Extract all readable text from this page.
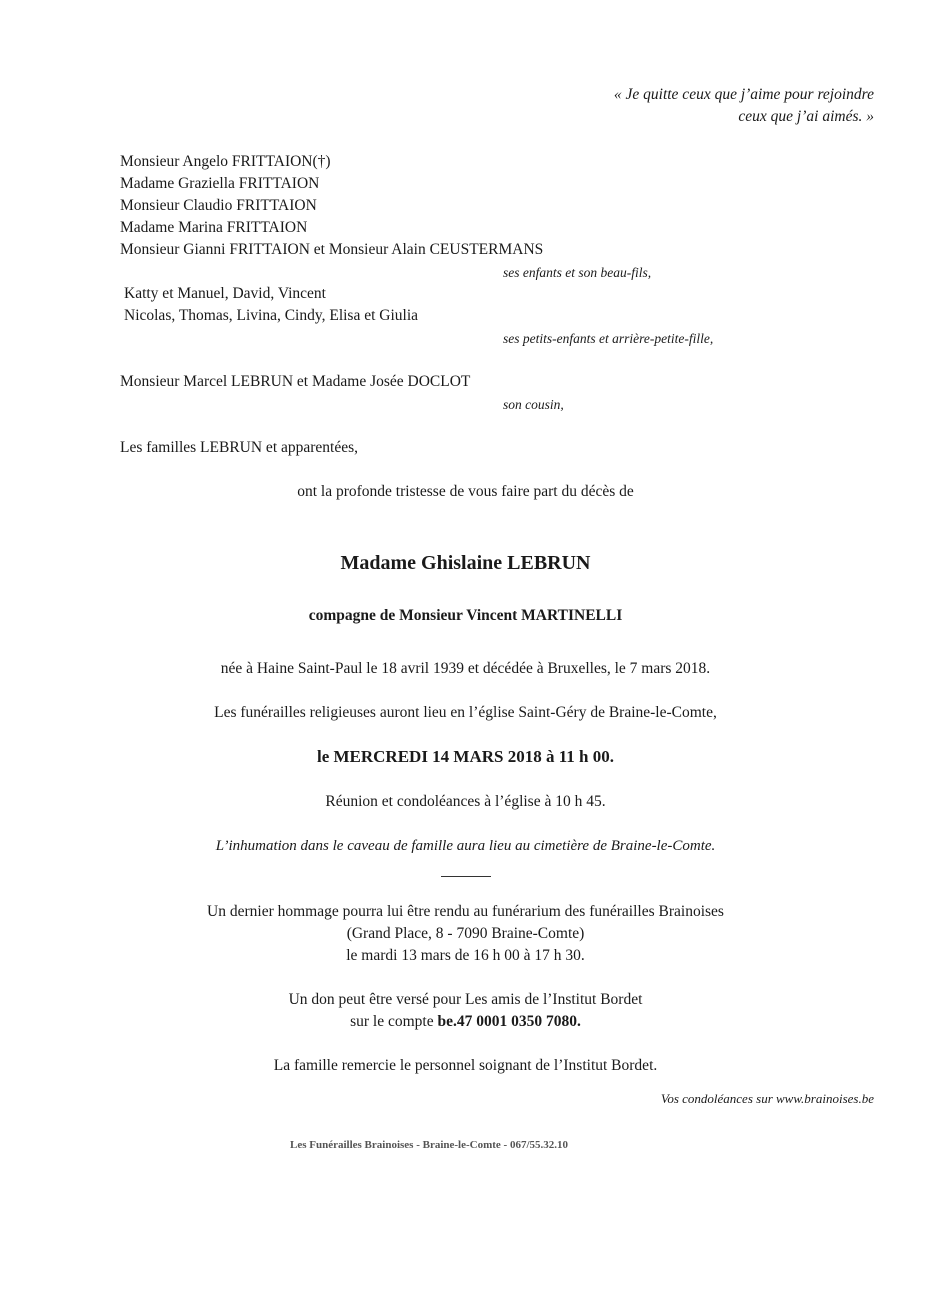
« Je quitte ceux que j’aime pour rejoindre
ceux que j’ai aimés. »
Monsieur Angelo FRITTAION(†)
Madame Graziella FRITTAION
Monsieur Claudio FRITTAION
Madame Marina FRITTAION
Monsieur Gianni FRITTAION et Monsieur Alain CEUSTERMANS
ses enfants et son beau-fils,
Katty et Manuel, David, Vincent
Nicolas, Thomas, Livina, Cindy, Elisa et Giulia
ses petits-enfants et arrière-petite-fille,
Monsieur Marcel LEBRUN et Madame Josée DOCLOT
son cousin,
Les familles LEBRUN et apparentées,
ont la profonde tristesse de vous faire part du décès de
Madame Ghislaine LEBRUN
compagne de Monsieur Vincent MARTINELLI
née à Haine Saint-Paul le 18 avril 1939 et décédée à Bruxelles, le 7 mars 2018.
Les funérailles religieuses auront lieu en l’église Saint-Géry de Braine-le-Comte,
le MERCREDI 14 MARS 2018 à 11 h 00.
Réunion et condoléances à l’église à 10 h 45.
L’inhumation dans le caveau de famille aura lieu au cimetière de Braine-le-Comte.
Un dernier hommage pourra lui être rendu au funérarium des funérailles Brainoises
(Grand Place, 8 - 7090 Braine-Comte)
le mardi 13 mars de 16 h 00 à 17 h 30.
Un don peut être versé pour Les amis de l’Institut Bordet
sur le compte be.47 0001 0350 7080.
La famille remercie le personnel soignant de l’Institut Bordet.
Vos condoléances sur www.brainoises.be
Les Funérailles Brainoises - Braine-le-Comte - 067/55.32.10
